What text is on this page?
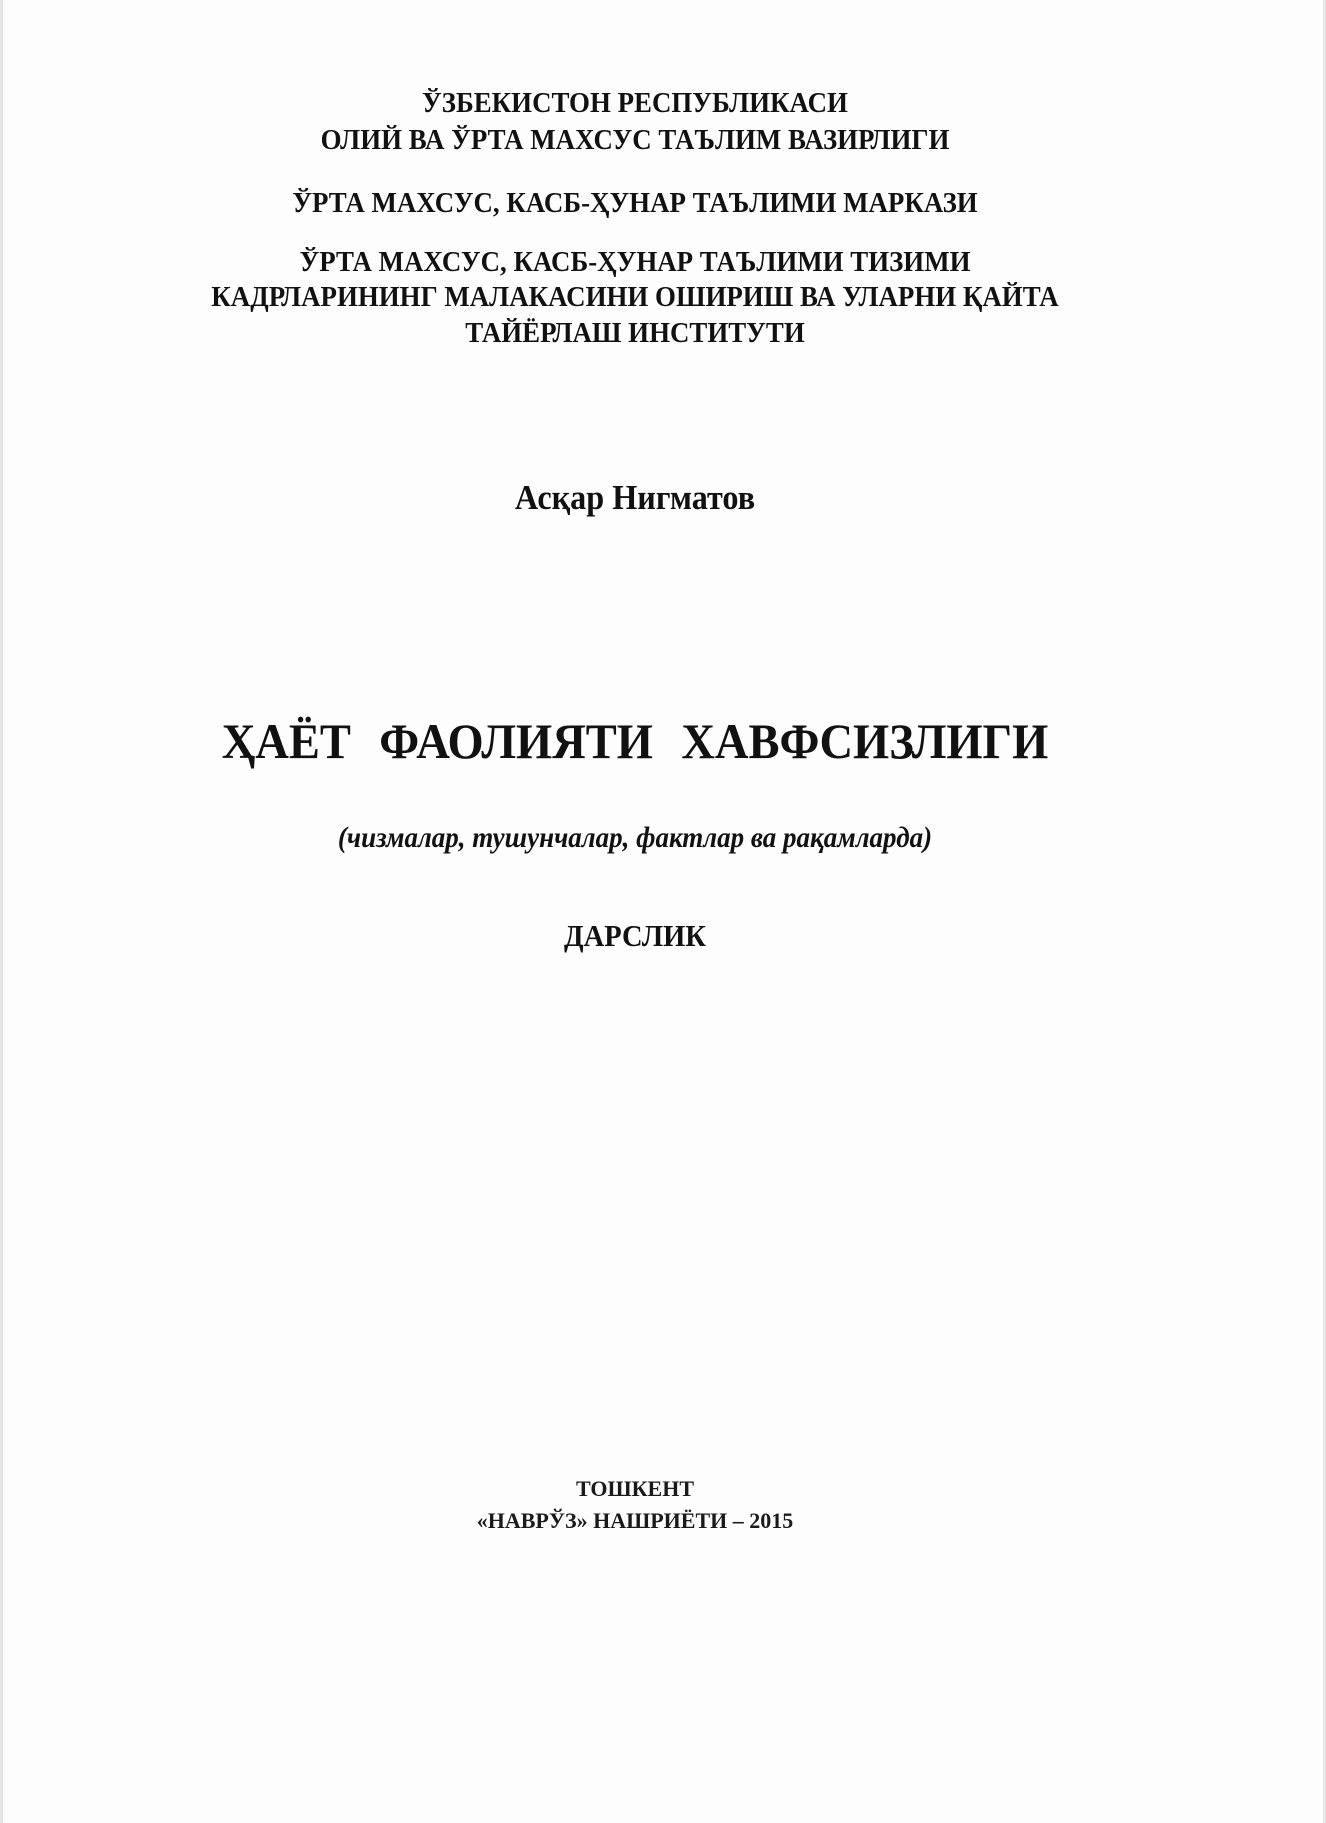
ЎЗБЕКИСТОН РЕСПУБЛИКАСИ
ОЛИЙ ВА ЎРТА МАХСУС ТАЪЛИМ ВАЗИРЛИГИ
ЎРТА МАХСУС, КАСБ-ҲУНАР ТАЪЛИМИ МАРКАЗИ
ЎРТА МАХСУС, КАСБ-ҲУНАР ТАЪЛИМИ ТИЗИМИ
КАДРЛАРИНИНГ МАЛАКАСИНИ ОШИРИШ ВА УЛАРНИ ҚАЙТА
ТАЙЁРЛАШ ИНСТИТУТИ
Асқар Нигматов
ҲАЁТ ФАОЛИЯТИ ХАВФСИЗЛИГИ
(чизмалар, тушунчалар, фактлар ва рақамларда)
ДАРСЛИК
ТОШКЕНТ
«НАВРЎЗ» НАШРИЁТИ – 2015
